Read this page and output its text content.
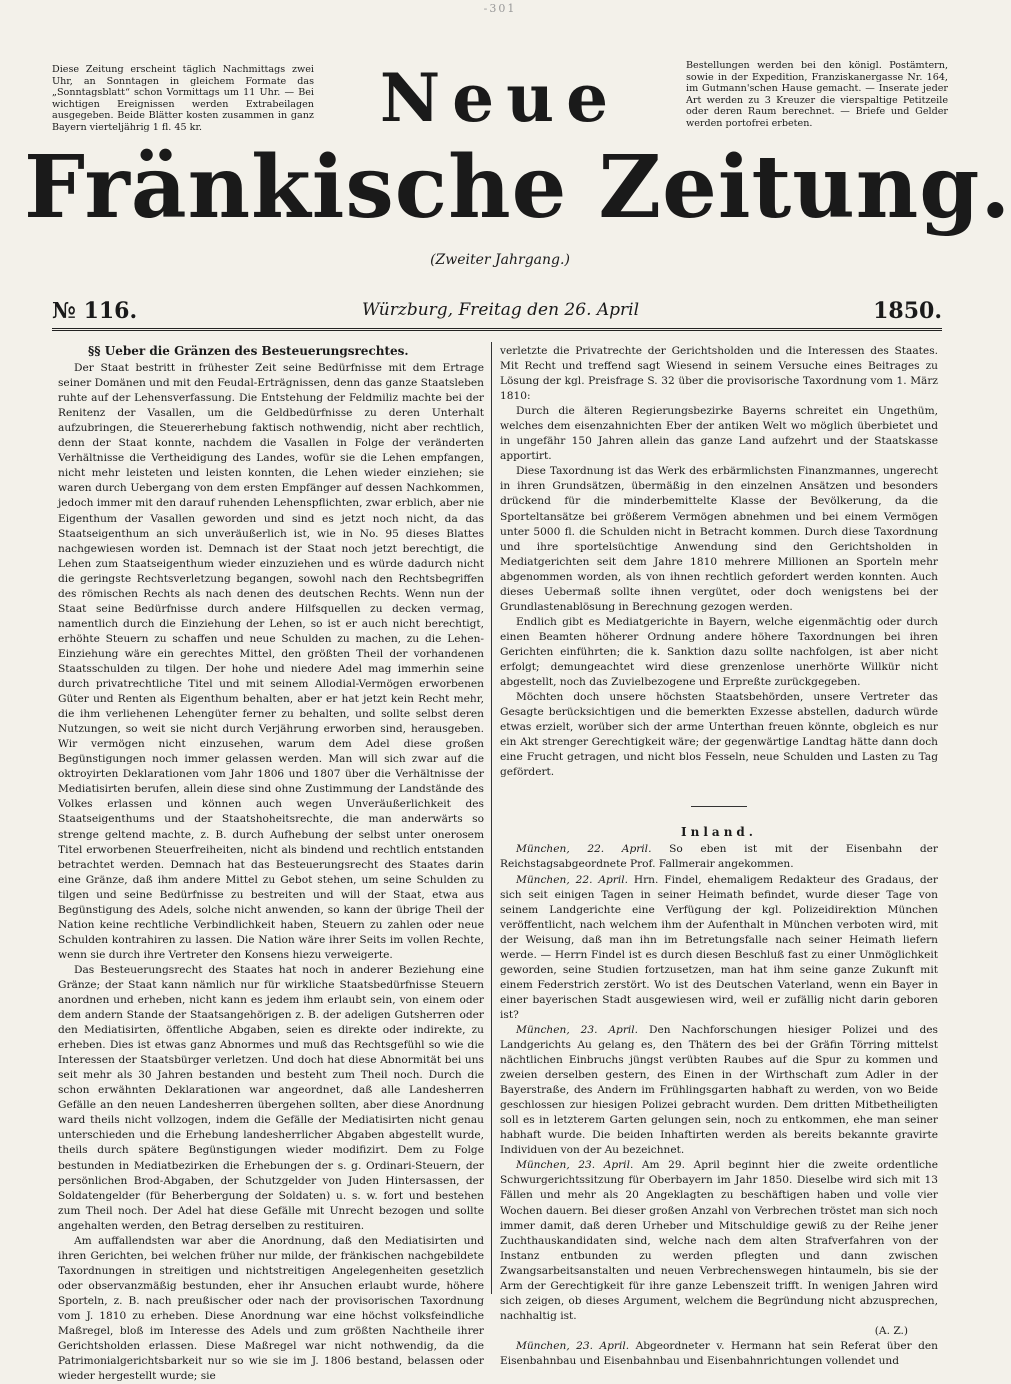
-301
Diese Zeitung erscheint täglich Nachmittags zwei Uhr, an Sonntagen in gleichem Formate das „Sonntagsblatt“ schon Vormittags um 11 Uhr. — Bei wichtigen Ereignissen werden Extrabeilagen ausgegeben. Beide Blätter kosten zusammen in ganz Bayern vierteljährig 1 fl. 45 kr.
Bestellungen werden bei den königl. Postämtern, sowie in der Expedition, Franziskanergasse Nr. 164, im Gutmann'schen Hause gemacht. — Inserate jeder Art werden zu 3 Kreuzer die vierspaltige Petitzeile oder deren Raum berechnet. — Briefe und Gelder werden portofrei erbeten.
Neue
Fränkische Zeitung.
(Zweiter Jahrgang.)
№ 116.	Würzburg, Freitag den 26. April	1850.

§§ Ueber die Gränzen des Besteuerungsrechtes.

Der Staat bestritt in frühester Zeit seine Bedürfnisse mit dem Ertrage seiner Domänen und mit den Feudal-Erträgnissen, denn das ganze Staatsleben ruhte auf der Lehensverfassung. Die Entstehung der Feldmiliz machte bei der Renitenz der Vasallen, um die Geldbedürfnisse zu deren Unterhalt aufzubringen, die Steuererhebung faktisch nothwendig, nicht aber rechtlich, denn der Staat konnte, nachdem die Vasallen in Folge der veränderten Verhältnisse die Vertheidigung des Landes, wofür sie die Lehen empfangen, nicht mehr leisteten und leisten konnten, die Lehen wieder einziehen; sie waren durch Uebergang von dem ersten Empfänger auf dessen Nachkommen, jedoch immer mit den darauf ruhenden Lehenspflichten, zwar erblich, aber nie Eigenthum der Vasallen geworden und sind es jetzt noch nicht, da das Staatseigenthum an sich unveräußerlich ist, wie in No. 95 dieses Blattes nachgewiesen worden ist. Demnach ist der Staat noch jetzt berechtigt, die Lehen zum Staatseigenthum wieder einzuziehen und es würde dadurch nicht die geringste Rechtsverletzung begangen, sowohl nach den Rechtsbegriffen des römischen Rechts als nach denen des deutschen Rechts. Wenn nun der Staat seine Bedürfnisse durch andere Hilfsquellen zu decken vermag, namentlich durch die Einziehung der Lehen, so ist er auch nicht berechtigt, erhöhte Steuern zu schaffen und neue Schulden zu machen, zu die Lehen-Einziehung wäre ein gerechtes Mittel, den größten Theil der vorhandenen Staatsschulden zu tilgen. Der hohe und niedere Adel mag immerhin seine durch privatrechtliche Titel und mit seinem Allodial-Vermögen erworbenen Güter und Renten als Eigenthum behalten, aber er hat jetzt kein Recht mehr, die ihm verliehenen Lehengüter ferner zu behalten, und sollte selbst deren Nutzungen, so weit sie nicht durch Verjährung erworben sind, herausgeben. Wir vermögen nicht einzusehen, warum dem Adel diese großen Begünstigungen noch immer gelassen werden. Man will sich zwar auf die oktroyirten Deklarationen vom Jahr 1806 und 1807 über die Verhältnisse der Mediatisirten berufen, allein diese sind ohne Zustimmung der Landstände des Volkes erlassen und können auch wegen Unveräußerlichkeit des Staatseigenthums und der Staatshoheitsrechte, die man anderwärts so strenge geltend machte, z. B. durch Aufhebung der selbst unter onerosem Titel erworbenen Steuerfreiheiten, nicht als bindend und rechtlich entstanden betrachtet werden. Demnach hat das Besteuerungsrecht des Staates darin eine Gränze, daß ihm andere Mittel zu Gebot stehen, um seine Schulden zu tilgen und seine Bedürfnisse zu bestreiten und will der Staat, etwa aus Begünstigung des Adels, solche nicht anwenden, so kann der übrige Theil der Nation keine rechtliche Verbindlichkeit haben, Steuern zu zahlen oder neue Schulden kontrahiren zu lassen. Die Nation wäre ihrer Seits im vollen Rechte, wenn sie durch ihre Vertreter den Konsens hiezu verweigerte.

Das Besteuerungsrecht des Staates hat noch in anderer Beziehung eine Gränze; der Staat kann nämlich nur für wirkliche Staatsbedürfnisse Steuern anordnen und erheben, nicht kann es jedem ihm erlaubt sein, von einem oder dem andern Stande der Staatsangehörigen z. B. der adeligen Gutsherren oder den Mediatisirten, öffentliche Abgaben, seien es direkte oder indirekte, zu erheben. Dies ist etwas ganz Abnormes und muß das Rechtsgefühl so wie die Interessen der Staatsbürger verletzen. Und doch hat diese Abnormität bei uns seit mehr als 30 Jahren bestanden und besteht zum Theil noch. Durch die schon erwähnten Deklarationen war angeordnet, daß alle Landesherren Gefälle an den neuen Landesherren übergehen sollten, aber diese Anordnung ward theils nicht vollzogen, indem die Gefälle der Mediatisirten nicht genau unterschieden und die Erhebung landesherrlicher Abgaben abgestellt wurde, theils durch spätere Begünstigungen wieder modifizirt. Dem zu Folge bestunden in Mediatbezirken die Erhebungen der s. g. Ordinari-Steuern, der persönlichen Brod-Abgaben, der Schutzgelder von Juden Hintersassen, der Soldatengelder (für Beherbergung der Soldaten) u. s. w. fort und bestehen zum Theil noch. Der Adel hat diese Gefälle mit Unrecht bezogen und sollte angehalten werden, den Betrag derselben zu restituiren.

Am auffallendsten war aber die Anordnung, daß den Mediatisirten und ihren Gerichten, bei welchen früher nur milde, der fränkischen nachgebildete Taxordnungen in streitigen und nichtstreitigen Angelegenheiten gesetzlich oder observanzmäßig bestunden, eher ihr Ansuchen erlaubt wurde, höhere Sporteln, z. B. nach preußischer oder nach der provisorischen Taxordnung vom J. 1810 zu erheben. Diese Anordnung war eine höchst volksfeindliche Maßregel, bloß im Interesse des Adels und zum größten Nachtheile ihrer Gerichtsholden erlassen. Diese Maßregel war nicht nothwendig, da die Patrimonialgerichtsbarkeit nur so wie sie im J. 1806 bestand, belassen oder wieder hergestellt wurde; sie

verletzte die Privatrechte der Gerichtsholden und die Interessen des Staates. Mit Recht und treffend sagt Wiesend in seinem Versuche eines Beitrages zu Lösung der kgl. Preisfrage S. 32 über die provisorische Taxordnung vom 1. März 1810:

Durch die älteren Regierungsbezirke Bayerns schreitet ein Ungethüm, welches dem eisenzahnichten Eber der antiken Welt wo möglich überbietet und in ungefähr 150 Jahren allein das ganze Land aufzehrt und der Staatskasse apportirt.

Diese Taxordnung ist das Werk des erbärmlichsten Finanzmannes, ungerecht in ihren Grundsätzen, übermäßig in den einzelnen Ansätzen und besonders drückend für die minderbemittelte Klasse der Bevölkerung, da die Sporteltansätze bei größerem Vermögen abnehmen und bei einem Vermögen unter 5000 fl. die Schulden nicht in Betracht kommen. Durch diese Taxordnung und ihre sportelsüchtige Anwendung sind den Gerichtsholden in Mediatgerichten seit dem Jahre 1810 mehrere Millionen an Sporteln mehr abgenommen worden, als von ihnen rechtlich gefordert werden konnten. Auch dieses Uebermaß sollte ihnen vergütet, oder doch wenigstens bei der Grundlastenablösung in Berechnung gezogen werden.

Endlich gibt es Mediatgerichte in Bayern, welche eigenmächtig oder durch einen Beamten höherer Ordnung andere höhere Taxordnungen bei ihren Gerichten einführten; die k. Sanktion dazu sollte nachfolgen, ist aber nicht erfolgt; demungeachtet wird diese grenzenlose unerhörte Willkür nicht abgestellt, noch das Zuvielbezogene und Erpreßte zurückgegeben.

Möchten doch unsere höchsten Staatsbehörden, unsere Vertreter das Gesagte berücksichtigen und die bemerkten Exzesse abstellen, dadurch würde etwas erzielt, worüber sich der arme Unterthan freuen könnte, obgleich es nur ein Akt strenger Gerechtigkeit wäre; der gegenwärtige Landtag hätte dann doch eine Frucht getragen, und nicht blos Fesseln, neue Schulden und Lasten zu Tag gefördert.

Inland.

München, 22. April. So eben ist mit der Eisenbahn der Reichstagsabgeordnete Prof. Fallmerair angekommen.

München, 22. April. Hrn. Findel, ehemaligem Redakteur des Gradaus, der sich seit einigen Tagen in seiner Heimath befindet, wurde dieser Tage von seinem Landgerichte eine Verfügung der kgl. Polizeidirektion München veröffentlicht, nach welchem ihm der Aufenthalt in München verboten wird, mit der Weisung, daß man ihn im Betretungsfalle nach seiner Heimath liefern werde. — Herrn Findel ist es durch diesen Beschluß fast zu einer Unmöglichkeit geworden, seine Studien fortzusetzen, man hat ihm seine ganze Zukunft mit einem Federstrich zerstört. Wo ist des Deutschen Vaterland, wenn ein Bayer in einer bayerischen Stadt ausgewiesen wird, weil er zufällig nicht darin geboren ist?

München, 23. April. Den Nachforschungen hiesiger Polizei und des Landgerichts Au gelang es, den Thätern des bei der Gräfin Törring mittelst nächtlichen Einbruchs jüngst verübten Raubes auf die Spur zu kommen und zweien derselben gestern, des Einen in der Wirthschaft zum Adler in der Bayerstraße, des Andern im Frühlingsgarten habhaft zu werden, von wo Beide geschlossen zur hiesigen Polizei gebracht wurden. Dem dritten Mitbetheiligten soll es in letzterem Garten gelungen sein, noch zu entkommen, ehe man seiner habhaft wurde. Die beiden Inhaftirten werden als bereits bekannte gravirte Individuen von der Au bezeichnet.

München, 23. April. Am 29. April beginnt hier die zweite ordentliche Schwurgerichtssitzung für Oberbayern im Jahr 1850. Dieselbe wird sich mit 13 Fällen und mehr als 20 Angeklagten zu beschäftigen haben und volle vier Wochen dauern. Bei dieser großen Anzahl von Verbrechen tröstet man sich noch immer damit, daß deren Urheber und Mitschuldige gewiß zu der Reihe jener Zuchthauskandidaten sind, welche nach dem alten Strafverfahren von der Instanz entbunden zu werden pflegten und dann zwischen Zwangsarbeitsanstalten und neuen Verbrechenswegen hintaumeln, bis sie der Arm der Gerechtigkeit für ihre ganze Lebenszeit trifft. In wenigen Jahren wird sich zeigen, ob dieses Argument, welchem die Begründung nicht abzusprechen, nachhaltig ist.

(A. Z.)

München, 23. April. Abgeordneter v. Hermann hat sein Referat über den Eisenbahnbau und Eisenbahnbau und Eisenbahnrichtungen vollendet und
